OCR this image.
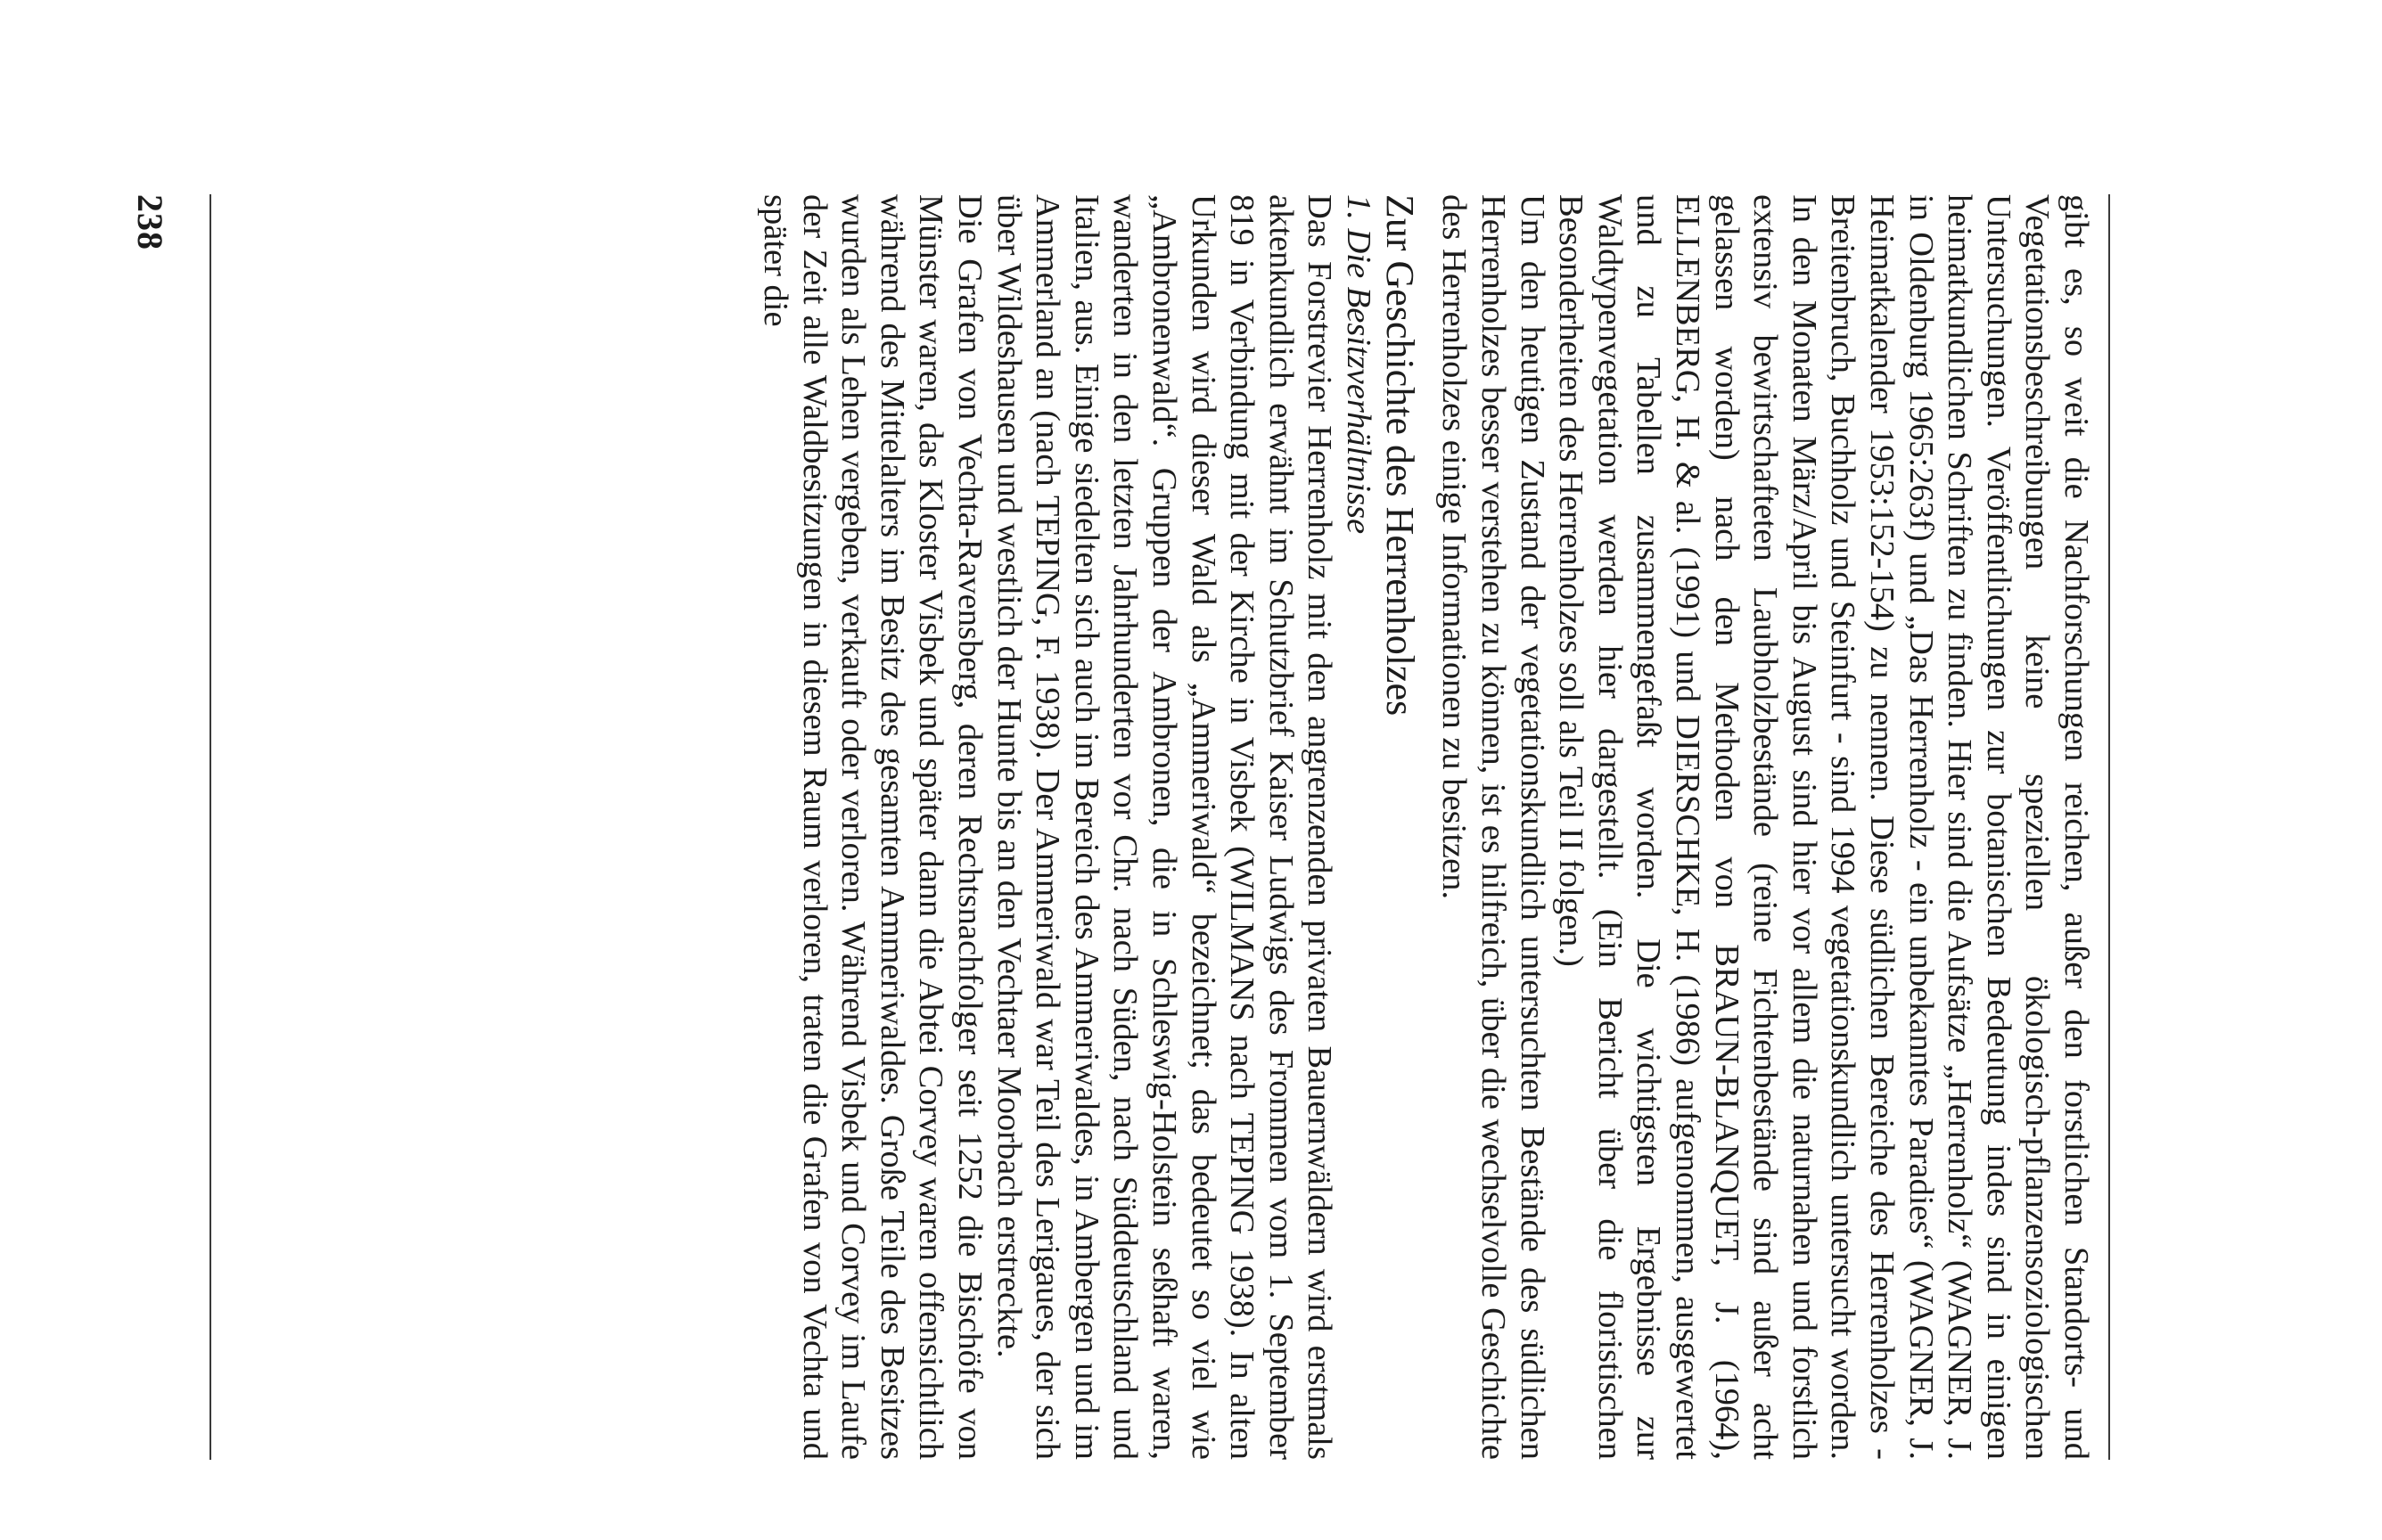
gibt es, so weit die Nachforschungen reichen, außer den forstlichen Standorts- und Vegetationsbeschreibungen keine speziellen ökologisch-pflanzensoziologischen Untersuchungen. Veröffentlichungen zur botanischen Bedeutung indes sind in einigen heimatkundlichen Schriften zu finden. Hier sind die Aufsätze „Herrenholz“ (WAGNER, J. in Oldenburg 1965:263f) und „Das Herrenholz - ein unbekanntes Paradies“ (WAGNER, J. Heimatkalender 1953:152-154) zu nennen. Diese südlichen Bereiche des Herrenholzes - Breitenbruch, Buchholz und Steinfurt - sind 1994 vegetationskundlich untersucht worden. In den Monaten März/April bis August sind hier vor allem die naturnahen und forstlich extensiv bewirtschafteten Laubholzbestände (reine Fichtenbestände sind außer acht gelassen worden) nach den Methoden von BRAUN-BLANQUET, J. (1964), ELLENBERG, H. & al. (1991) und DIERSCHKE, H. (1986) aufgenommen, ausgewertet und zu Tabellen zusammengefaßt worden. Die wichtigsten Ergebnisse zur Waldtypenvegetation werden hier dargestellt. (Ein Bericht über die floristischen Besonderheiten des Herrenholzes soll als Teil II folgen.)

Um den heutigen Zustand der vegetationskundlich untersuchten Bestände des südlichen Herrenholzes besser verstehen zu können, ist es hilfreich, über die wechselvolle Geschichte des Herrenholzes einige Informationen zu besitzen.

Zur Geschichte des Herrenholzes

1. Die Besitzverhältnisse

Das Forstrevier Herrenholz mit den angrenzenden privaten Bauernwäldern wird erstmals aktenkundlich erwähnt im Schutzbrief Kaiser Ludwigs des Frommen vom 1. September 819 in Verbindung mit der Kirche in Visbek (WILMANS nach TEPING 1938). In alten Urkunden wird dieser Wald als „Ammeriwald“ bezeichnet; das bedeutet so viel wie „Ambronenwald“. Gruppen der Ambronen, die in Schleswig-Holstein seßhaft waren, wanderten in den letzten Jahrhunderten vor Chr. nach Süden, nach Süddeutschland und Italien, aus. Einige siedelten sich auch im Bereich des Ammeriwaldes, in Ambergen und im Ammerland an (nach TEPING, F. 1938). Der Ammeriwald war Teil des Lerigaues, der sich über Wildeshausen und westlich der Hunte bis an den Vechtaer Moorbach erstreckte.

Die Grafen von Vechta-Ravensberg, deren Rechtsnachfolger seit 1252 die Bischöfe von Münster waren, das Kloster Visbek und später dann die Abtei Corvey waren offensichtlich während des Mittelalters im Besitz des gesamten Ammeriwaldes. Große Teile des Besitzes wurden als Lehen vergeben, verkauft oder verloren. Während Visbek und Corvey im Laufe der Zeit alle Waldbesitzungen in diesem Raum verloren, traten die Grafen von Vechta und später die

238
